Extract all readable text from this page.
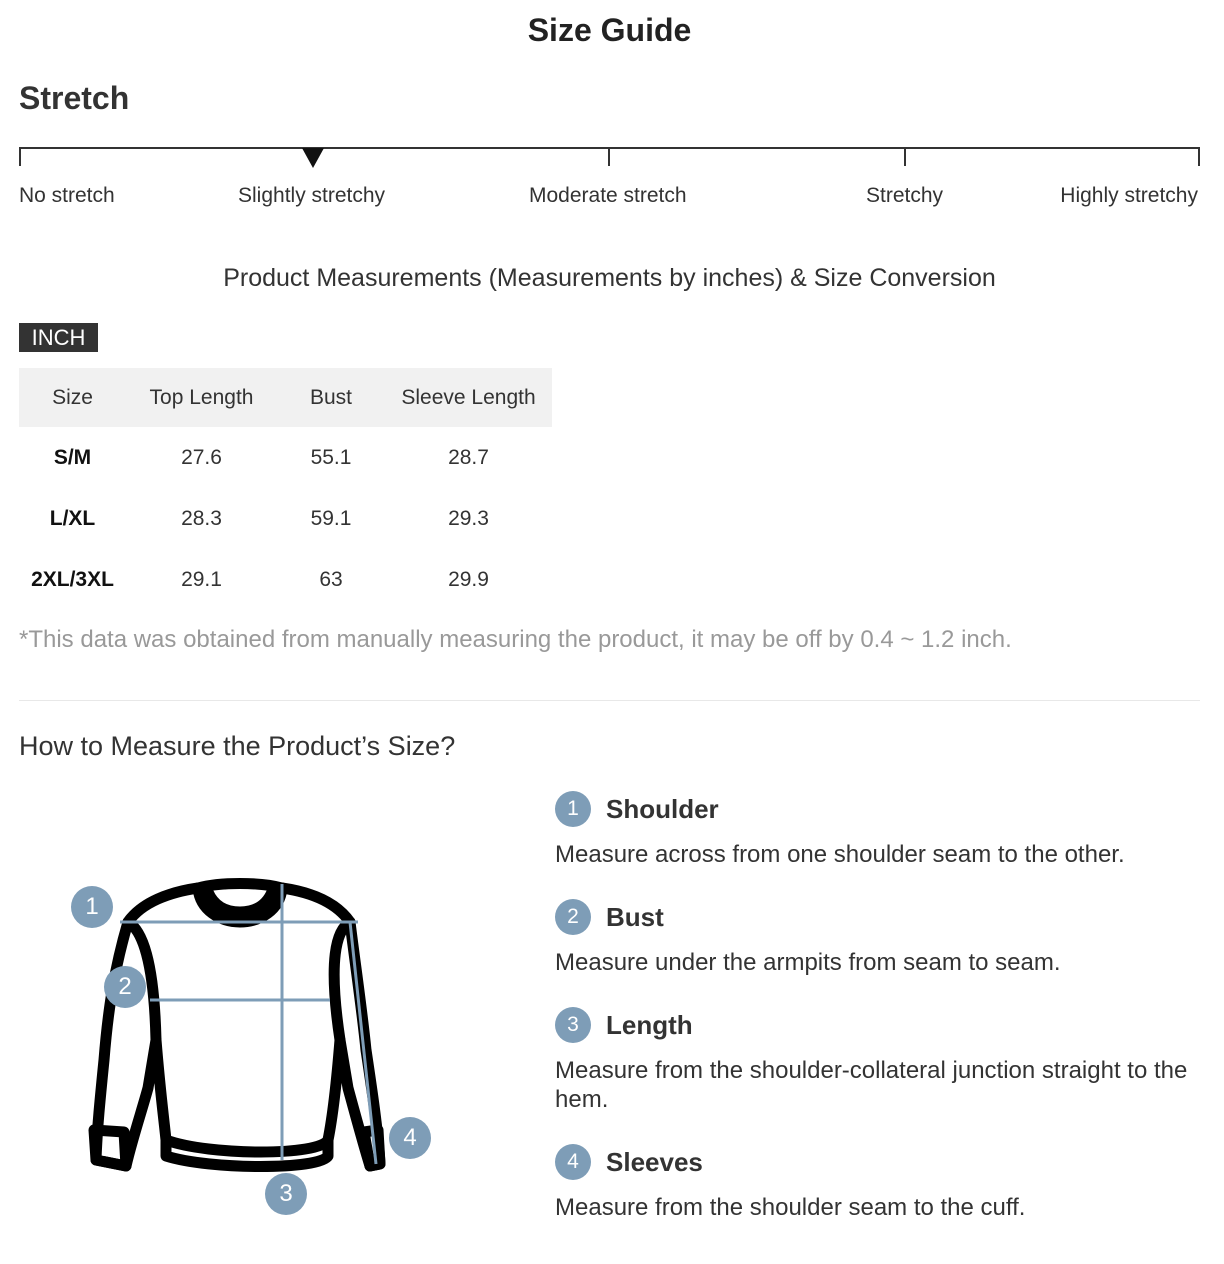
Size Guide
Stretch
No stretch	Slightly stretchy	Moderate stretch	Stretchy	Highly stretchy
Product Measurements (Measurements by inches) & Size Conversion
INCH
Size	Top Length	Bust	Sleeve Length
S/M	27.6	55.1	28.7
L/XL	28.3	59.1	29.3
2XL/3XL	29.1	63	29.9
*This data was obtained from manually measuring the product, it may be off by 0.4 ~ 1.2 inch.
How to Measure the Product’s Size?
1
2
3
4
1	Shoulder
Measure across from one shoulder seam to the other.
2	Bust
Measure under the armpits from seam to seam.
3	Length
Measure from the shoulder-collateral junction straight to the hem.
4	Sleeves
Measure from the shoulder seam to the cuff.
